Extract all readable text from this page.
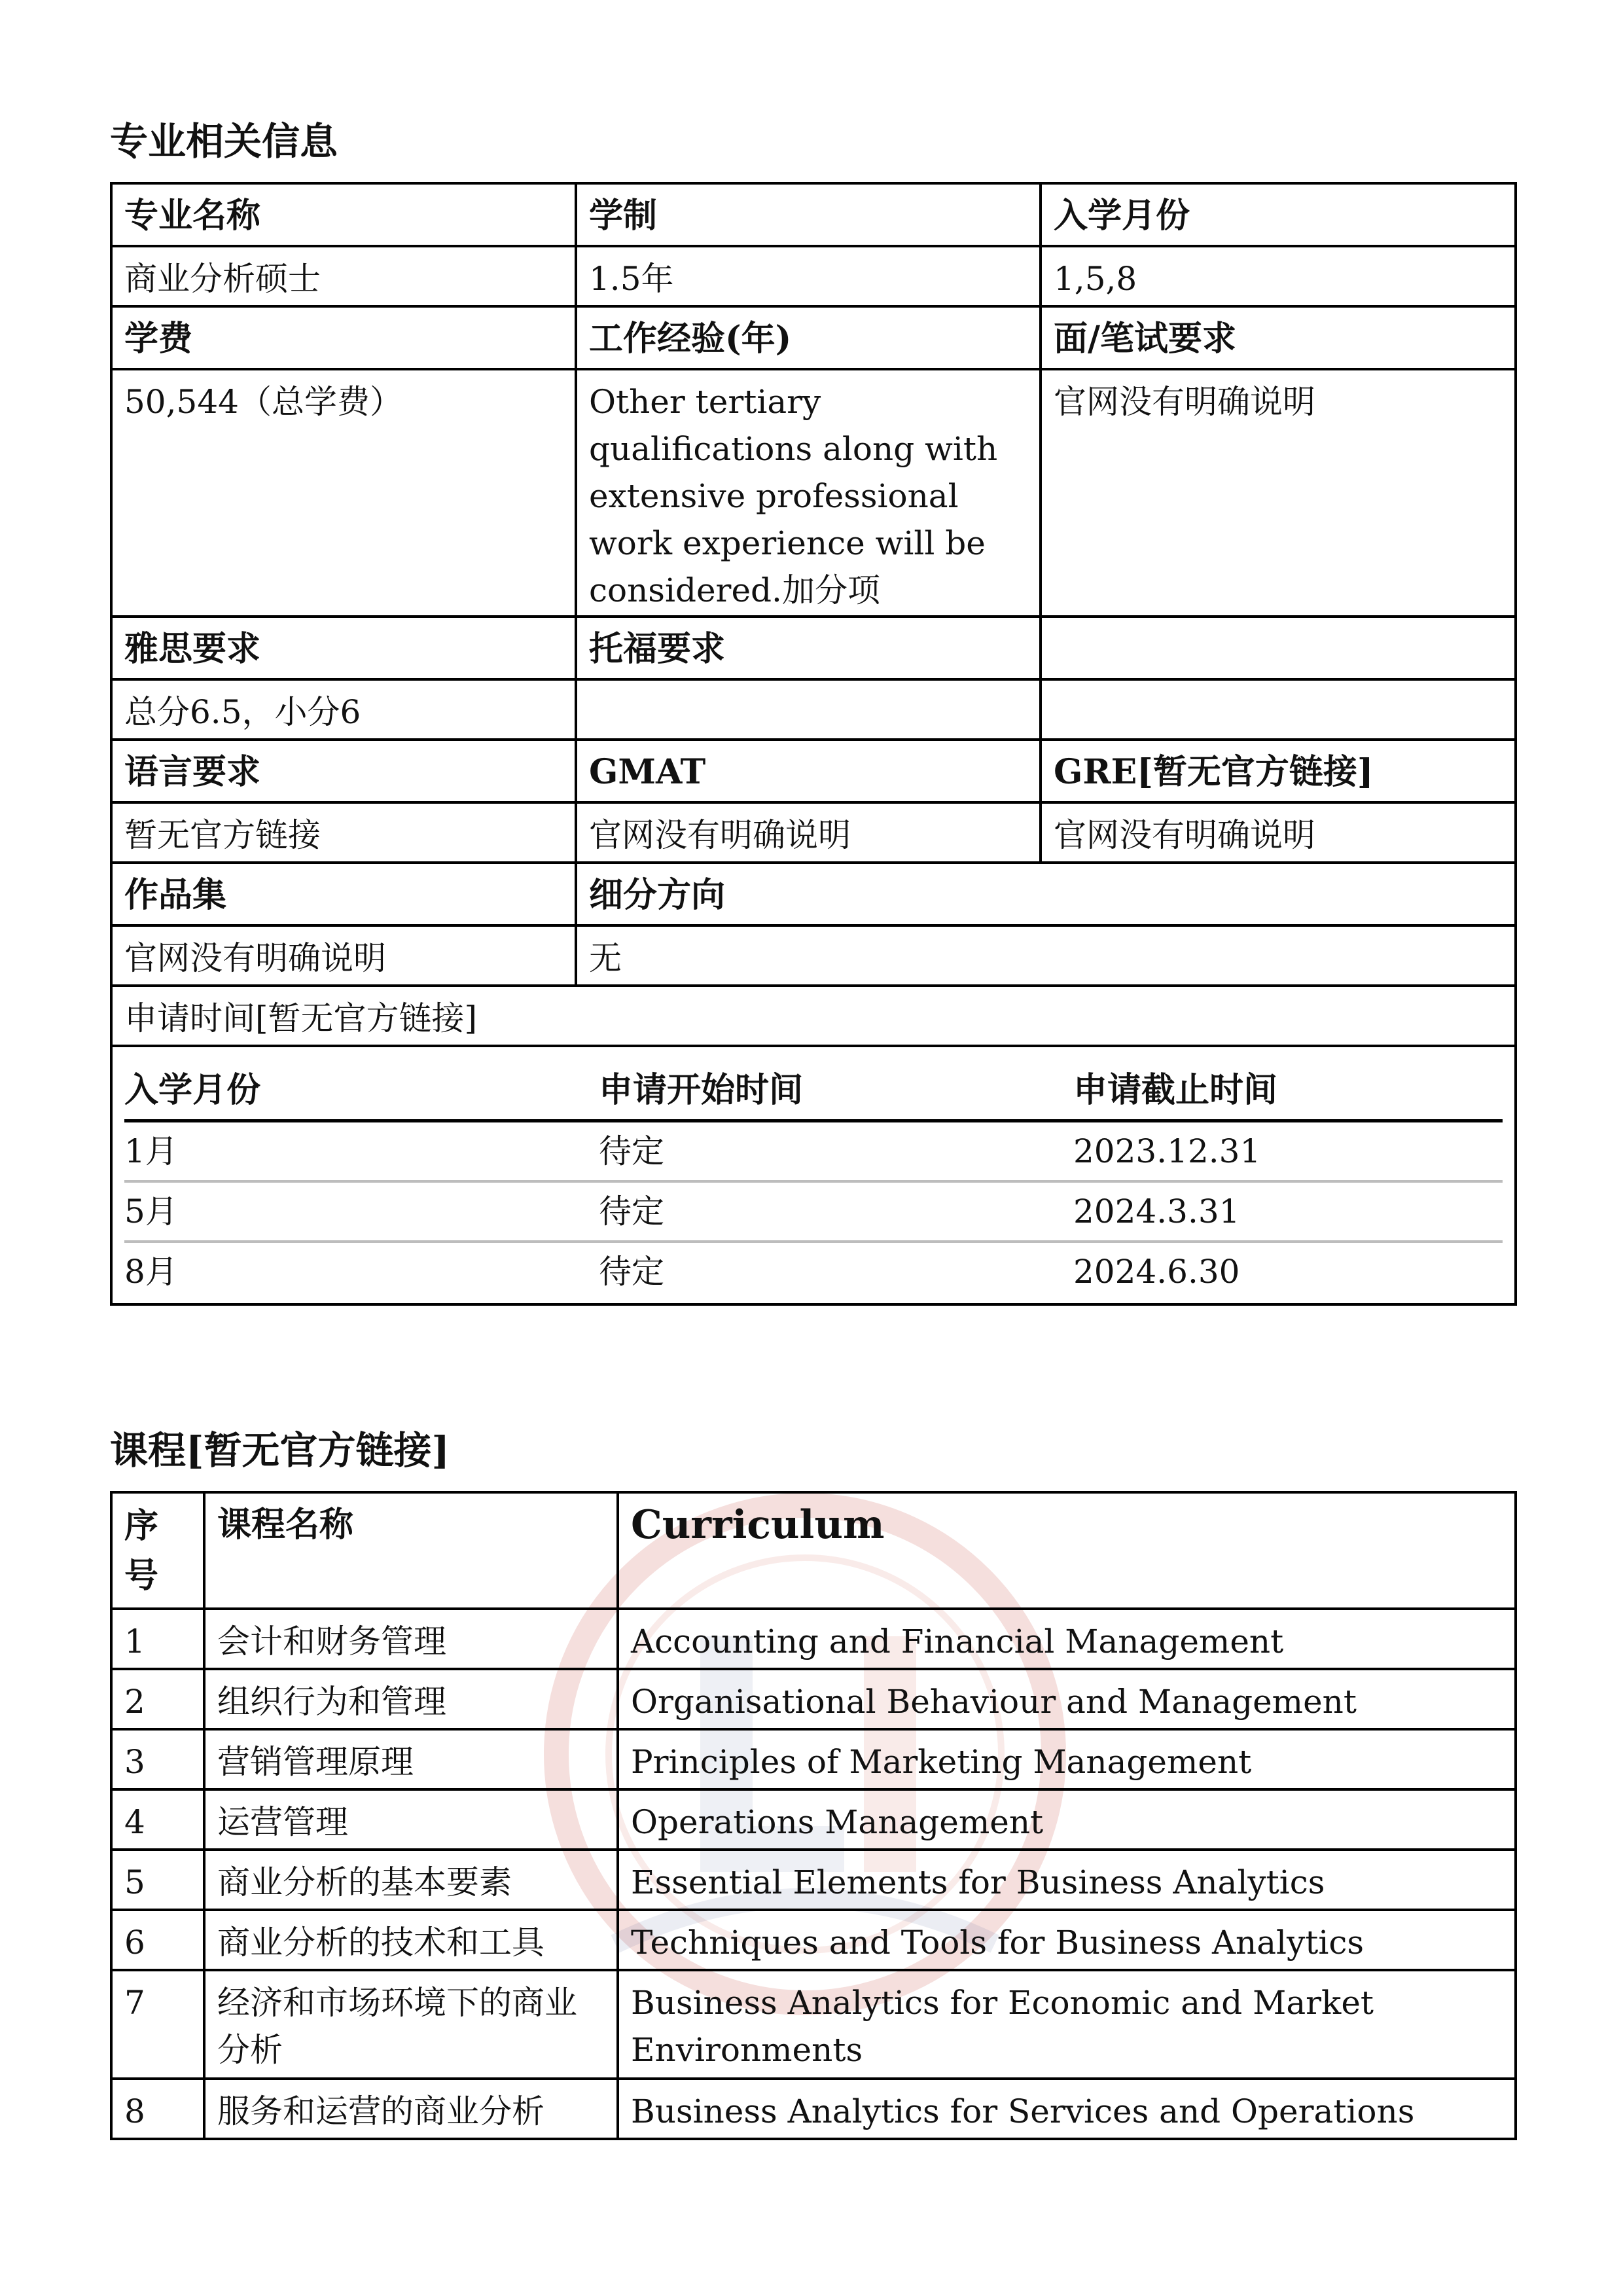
专业相关信息
专业名称	学制	入学月份
商业分析硕士	1.5年	1,5,8
学费	工作经验(年)	面/笔试要求
50,544（总学费）	Other tertiary qualifications along with extensive professional work experience will be considered.加分项	官网没有明确说明
雅思要求	托福要求	
总分6.5，小分6		
语言要求	GMAT	GRE[暂无官方链接]
暂无官方链接	官网没有明确说明	官网没有明确说明
作品集	细分方向
官网没有明确说明	无
申请时间[暂无官方链接]

入学月份	申请开始时间	申请截止时间
1月	待定	2023.12.31
5月	待定	2024.3.31
8月	待定	2024.6.30
课程[暂无官方链接]
序号	课程名称	Curriculum
1	会计和财务管理	Accounting and Financial Management
2	组织行为和管理	Organisational Behaviour and Management
3	营销管理原理	Principles of Marketing Management
4	运营管理	Operations Management
5	商业分析的基本要素	Essential Elements for Business Analytics
6	商业分析的技术和工具	Techniques and Tools for Business Analytics
7	经济和市场环境下的商业分析	Business Analytics for Economic and Market Environments
8	服务和运营的商业分析	Business Analytics for Services and Operations
